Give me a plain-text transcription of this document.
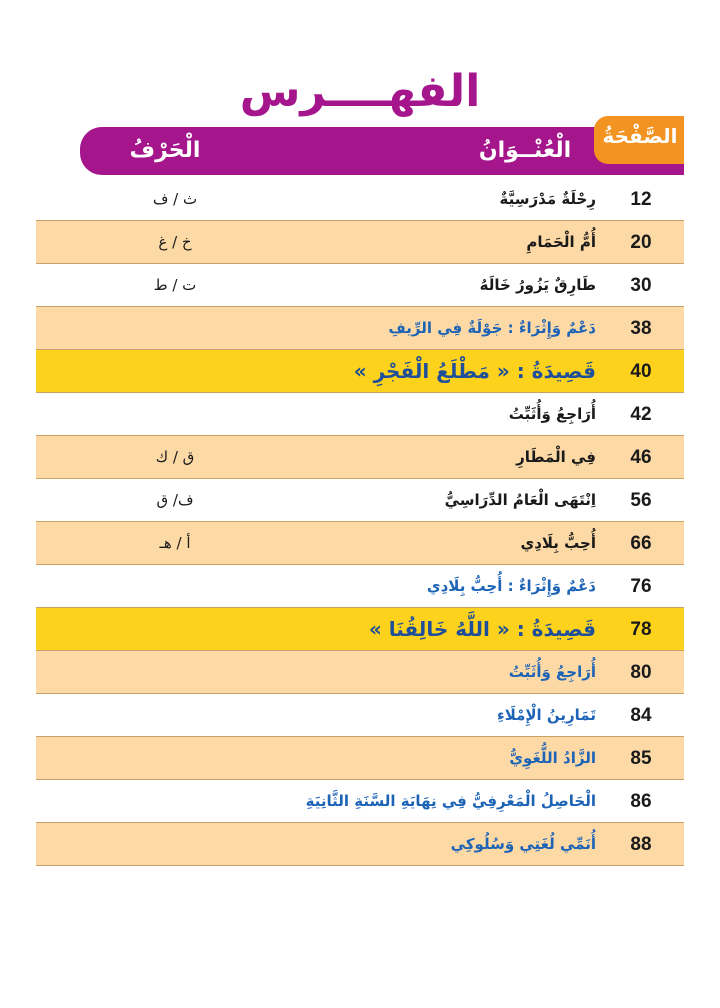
الفهــــرس
الصَّفْحَةُ
الْعُنْــوَانُ
الْحَرْفُ
12
رِحْلَةٌ مَدْرَسِيَّةٌ
ث / ف
20
أُمُّ الْحَمَامِ
خ / غ
30
طَارِقٌ يَزُورُ خَالَهُ
ت / ط
38
دَعْمٌ وَإِثْرَاءٌ : جَوْلَةٌ فِي الرِّيفِ
40
قَصِيدَةُ : « مَطْلَعُ الْفَجْرِ »
42
أُرَاجِعُ وَأُثَبِّتُ
46
فِي الْمَطَارِ
ق / ك
56
اِنْتَهَى الْعَامُ الدِّرَاسِيُّ
ف/ ق
66
أُحِبُّ بِلَادِي
أ / هـ
76
دَعْمٌ وَإِثْرَاءٌ : أُحِبُّ بِلَادِي
78
قَصِيدَةُ : « اللَّهُ خَالِقُنَا »
80
أُرَاجِعُ وَأُثَبِّتُ
84
تَمَارِينُ الْإِمْلَاءِ
85
الزَّادُ اللُّغَوِيُّ
86
الْحَاصِلُ الْمَعْرِفِيُّ فِي نِهَايَةِ السَّنَةِ الثَّانِيَةِ
88
أُنَمِّي لُغَتِي وَسُلُوكِي
